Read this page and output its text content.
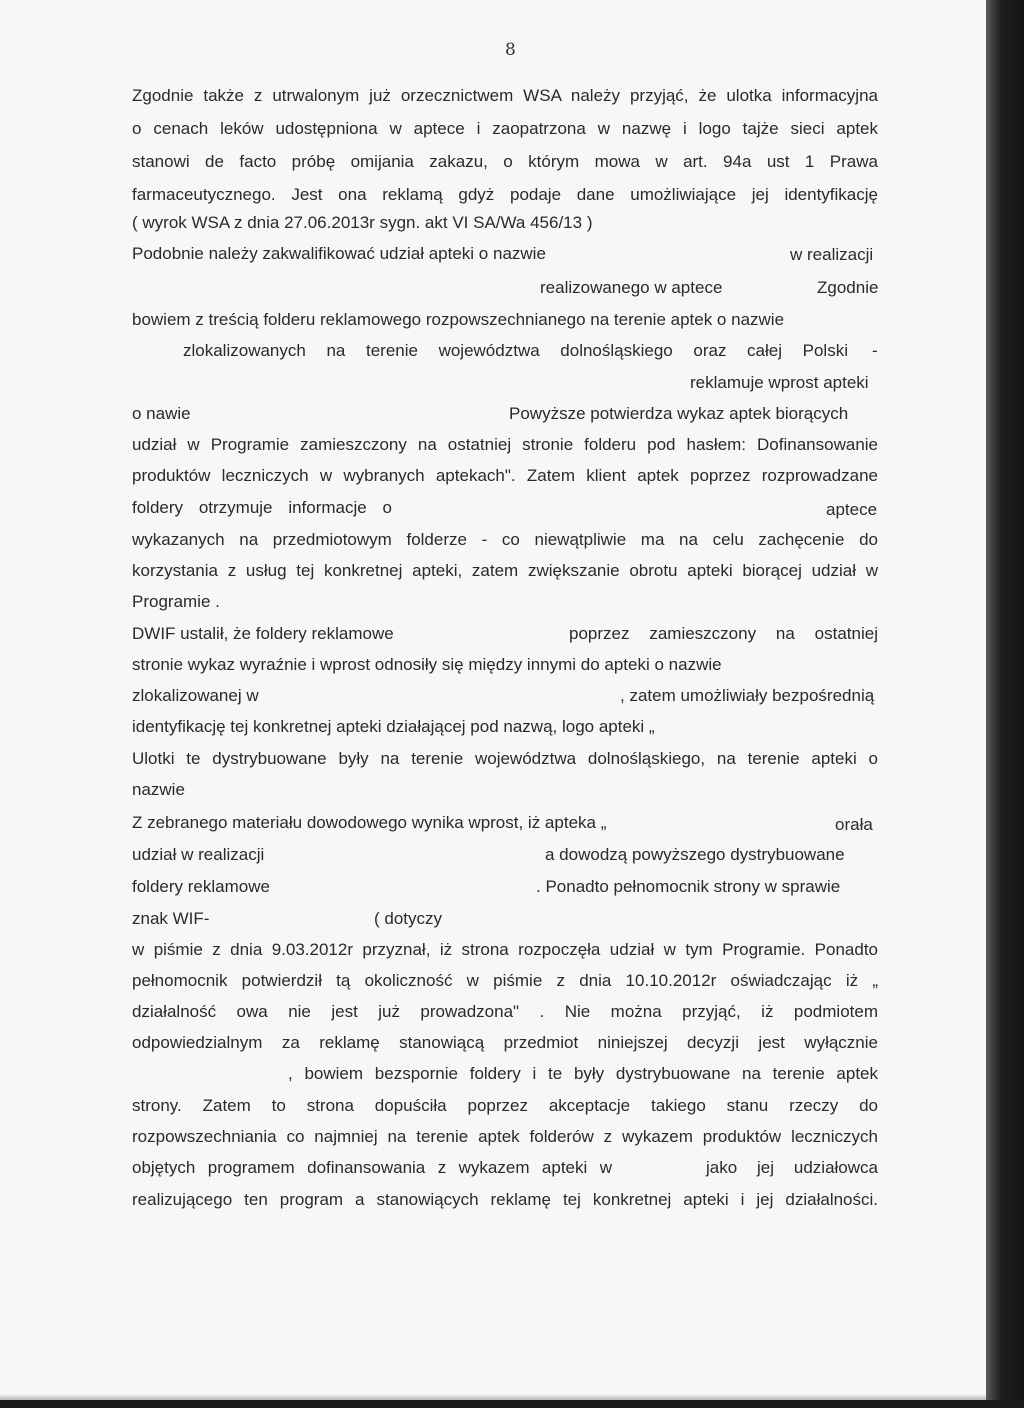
8
Zgodnie także z utrwalonym już orzecznictwem WSA należy przyjąć, że ulotka informacyjna
o cenach leków udostępniona w aptece i zaopatrzona w nazwę i logo tajże sieci aptek
stanowi de facto próbę omijania zakazu, o którym mowa w art. 94a ust 1 Prawa
farmaceutycznego. Jest ona reklamą gdyż podaje dane umożliwiające jej identyfikację
( wyrok WSA z dnia 27.06.2013r sygn. akt VI SA/Wa 456/13 )
Podobnie należy zakwalifikować udział apteki o nazwie	w realizacji
realizowanego w aptece	Zgodnie
bowiem z treścią folderu reklamowego rozpowszechnianego na terenie aptek o nazwie
zlokalizowanych na terenie województwa dolnośląskiego oraz całej Polski -
reklamuje wprost apteki
o nawie	Powyższe potwierdza wykaz aptek biorących
udział w Programie zamieszczony na ostatniej stronie folderu pod hasłem: Dofinansowanie
produktów leczniczych w wybranych aptekach". Zatem klient aptek poprzez rozprowadzane
foldery otrzymuje informacje o	aptece
wykazanych na przedmiotowym folderze - co niewątpliwie ma na celu zachęcenie do
korzystania z usług tej konkretnej apteki, zatem zwiększanie obrotu apteki biorącej udział w
Programie .
DWIF ustalił, że foldery reklamowe	poprzez zamieszczony na ostatniej
stronie wykaz wyraźnie i wprost odnosiły się między innymi do apteki o nazwie
zlokalizowanej w	, zatem umożliwiały bezpośrednią
identyfikację tej konkretnej apteki działającej pod nazwą, logo apteki „
Ulotki te dystrybuowane były na terenie województwa dolnośląskiego, na terenie apteki o
nazwie
Z zebranego materiału dowodowego wynika wprost, iż apteka „	orała
udział w realizacji	a dowodzą powyższego dystrybuowane
foldery reklamowe	. Ponadto pełnomocnik strony w sprawie
znak WIF-	( dotyczy
w piśmie z dnia 9.03.2012r przyznał, iż strona rozpoczęła udział w tym Programie. Ponadto
pełnomocnik potwierdził tą okoliczność w piśmie z dnia 10.10.2012r oświadczając iż „
działalność owa nie jest już prowadzona" . Nie można przyjąć, iż podmiotem
odpowiedzialnym za reklamę stanowiącą przedmiot niniejszej decyzji jest wyłącznie
, bowiem bezspornie foldery i te były dystrybuowane na terenie aptek
strony. Zatem to strona dopuściła poprzez akceptacje takiego stanu rzeczy do
rozpowszechniania co najmniej na terenie aptek folderów z wykazem produktów leczniczych
objętych programem dofinansowania z wykazem apteki w	jako jej udziałowca
realizującego ten program a stanowiących reklamę tej konkretnej apteki i jej działalności.
